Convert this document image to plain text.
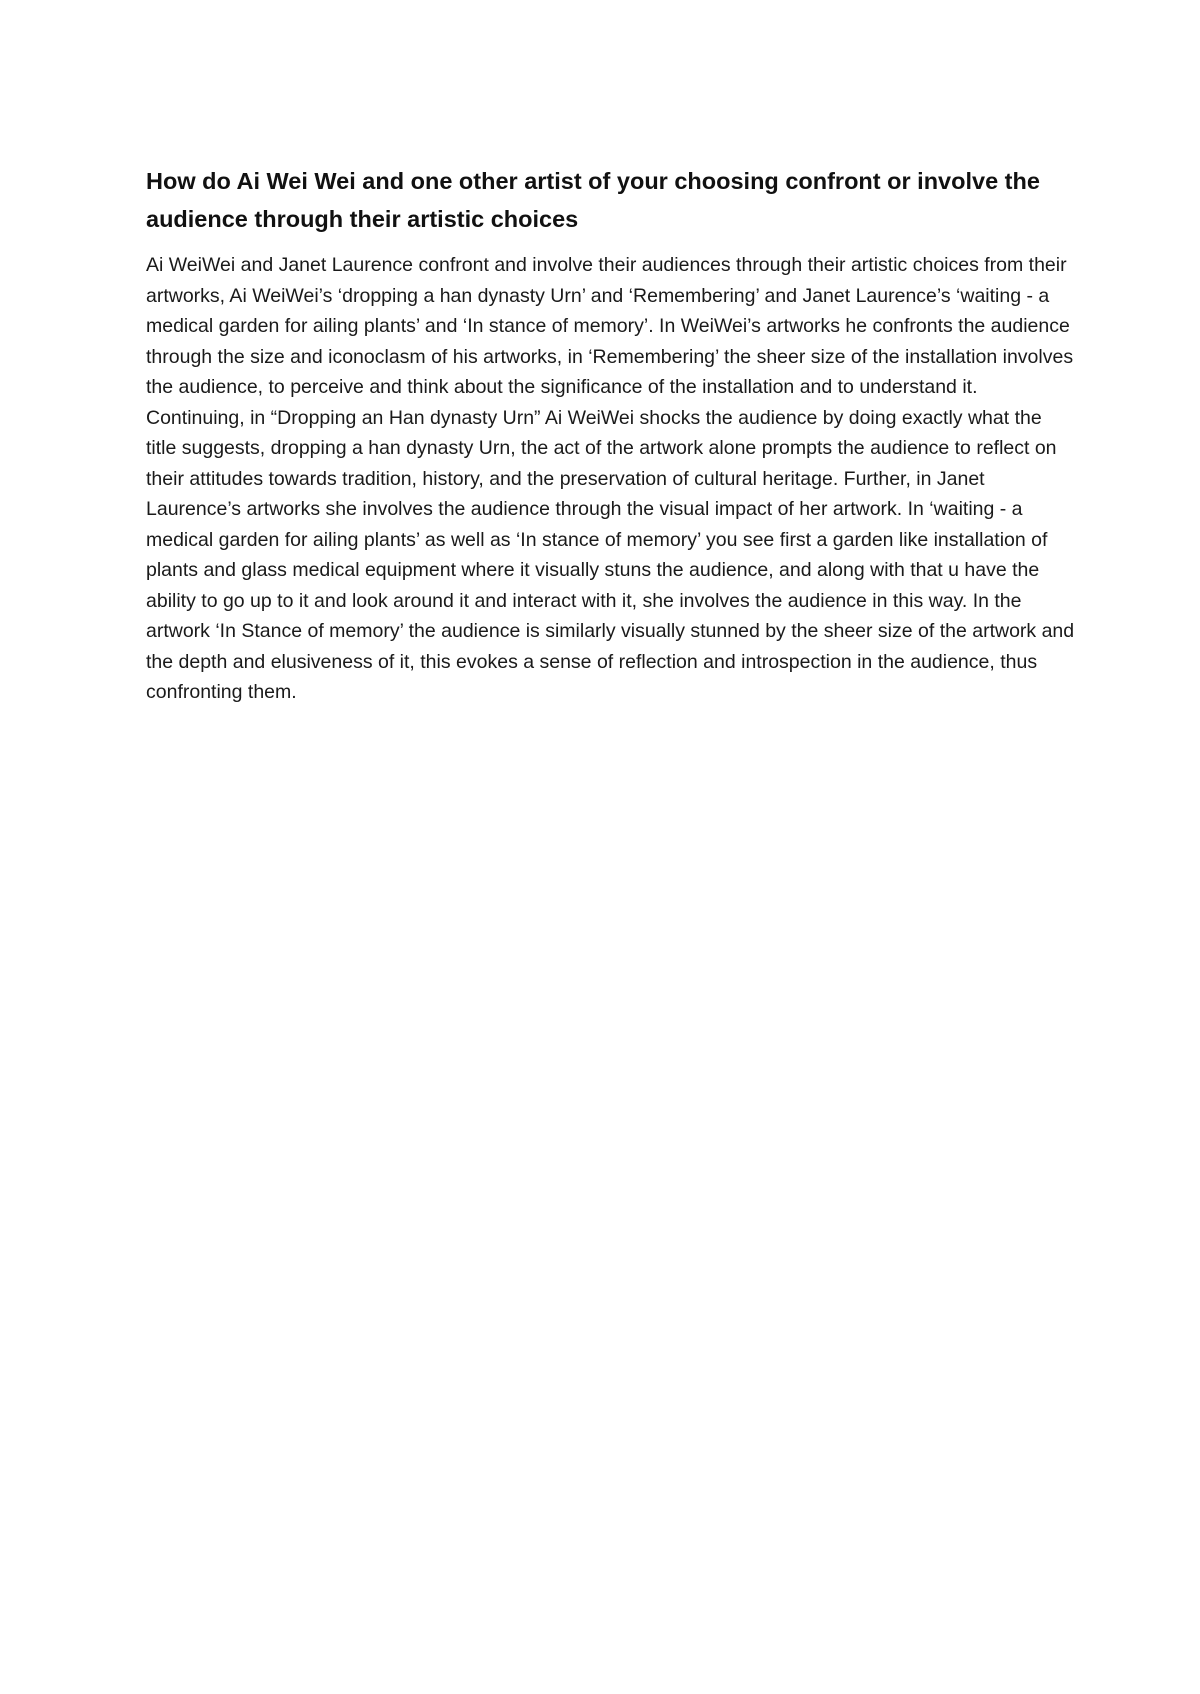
How do Ai Wei Wei and one other artist of your choosing confront or involve the audience through their artistic choices

Ai WeiWei and Janet Laurence confront and involve their audiences through their artistic choices from their artworks, Ai WeiWei’s ‘dropping a han dynasty Urn’ and ‘Remembering’ and Janet Laurence’s ‘waiting - a medical garden for ailing plants’ and ‘In stance of memory’. In WeiWei’s artworks he confronts the audience through the size and iconoclasm of his artworks, in ‘Remembering’ the sheer size of the installation involves the audience, to perceive and think about the significance of the installation and to understand it. Continuing, in “Dropping an Han dynasty Urn” Ai WeiWei shocks the audience by doing exactly what the title suggests, dropping a han dynasty Urn, the act of the artwork alone prompts the audience to reflect on their attitudes towards tradition, history, and the preservation of cultural heritage. Further, in Janet Laurence’s artworks she involves the audience through the visual impact of her artwork. In ‘waiting - a medical garden for ailing plants’ as well as ‘In stance of memory’ you see first a garden like installation of plants and glass medical equipment where it visually stuns the audience, and along with that u have the ability to go up to it and look around it and interact with it, she involves the audience in this way. In the artwork ‘In Stance of memory’ the audience is similarly visually stunned by the sheer size of the artwork and the depth and elusiveness of it, this evokes a sense of reflection and introspection in the audience, thus confronting them.
